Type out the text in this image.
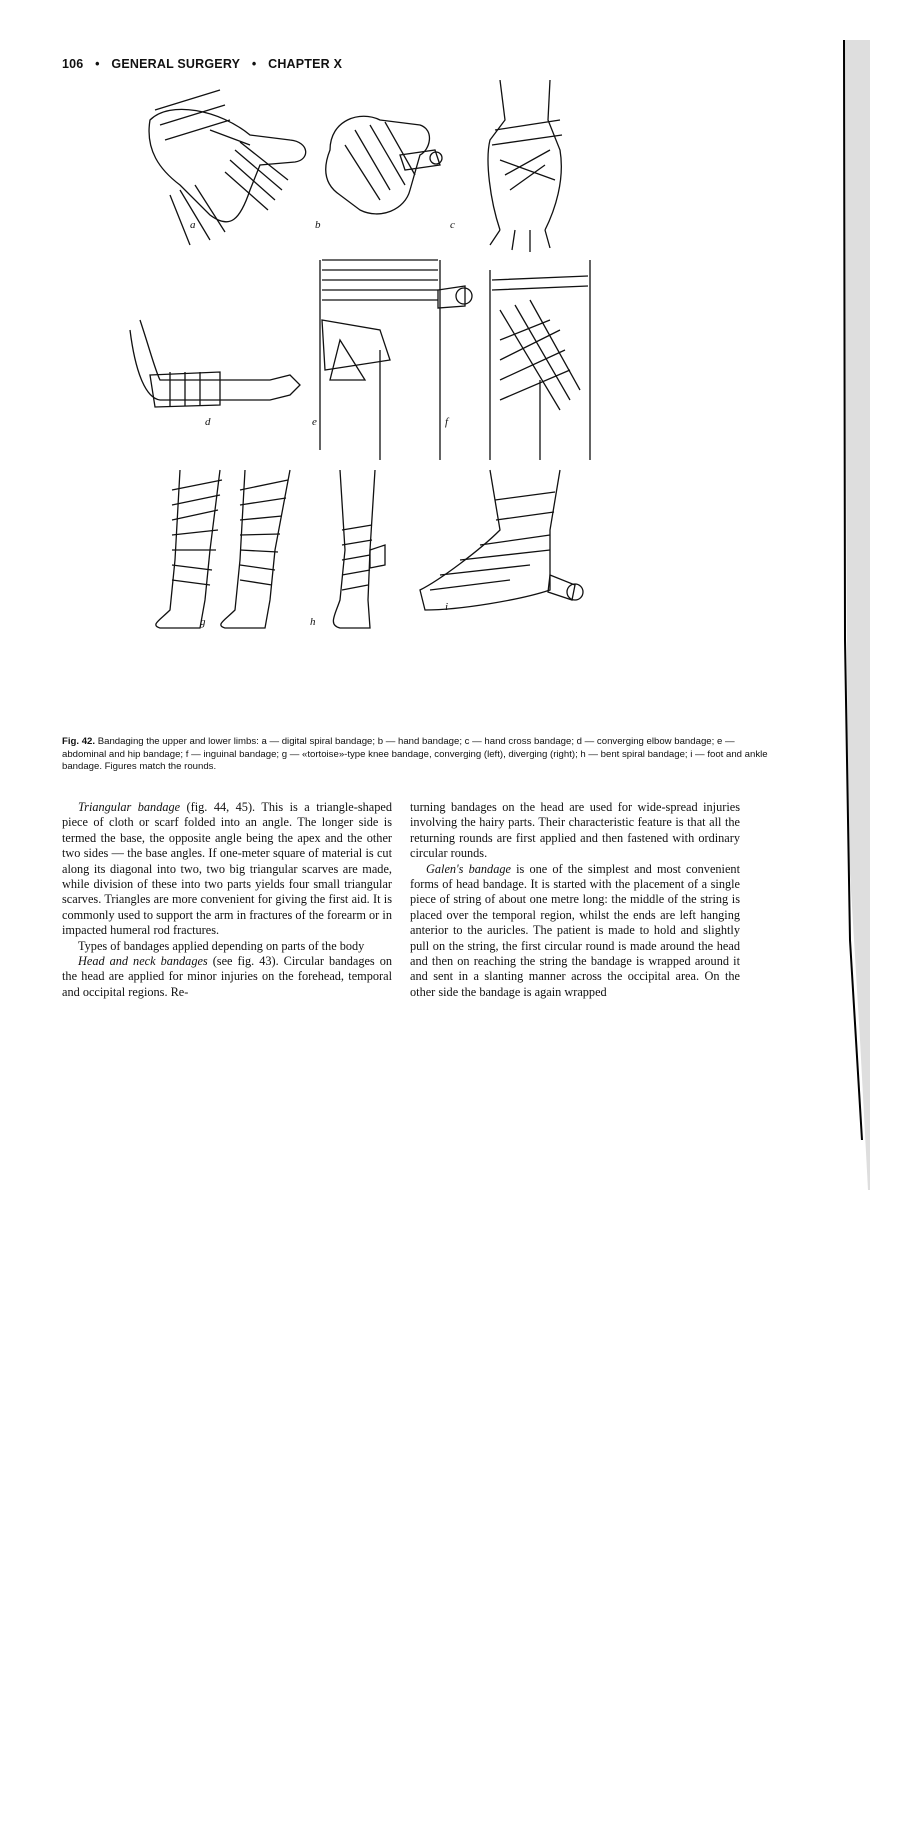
106 • GENERAL SURGERY • CHAPTER X
a	b	c
d	e	f
g	h
i
Fig. 42. Bandaging the upper and lower limbs: a — digital spiral bandage; b — hand bandage; c — hand cross bandage; d — converging elbow bandage; e — abdominal and hip bandage; f — inguinal bandage; g — «tortoise»-type knee bandage, converging (left), diverging (right); h — bent spiral bandage; i — foot and ankle bandage. Figures match the rounds.

Triangular bandage (fig. 44, 45). This is a triangle-shaped piece of cloth or scarf folded into an angle. The longer side is termed the base, the opposite angle being the apex and the other two sides — the base angles. If one-meter square of material is cut along its diagonal into two, two big triangular scarves are made, while division of these into two parts yields four small triangular scarves. Triangles are more convenient for giving the first aid. It is commonly used to support the arm in fractures of the forearm or in impacted humeral rod fractures.

Types of bandages applied depending on parts of the body

Head and neck bandages (see fig. 43). Circular bandages on the head are applied for minor injuries on the forehead, temporal and occipital regions. Re-

turning bandages on the head are used for wide-spread injuries involving the hairy parts. Their characteristic feature is that all the returning rounds are first applied and then fastened with ordinary circular rounds.

Galen's bandage is one of the simplest and most convenient forms of head bandage. It is started with the placement of a single piece of string of about one metre long: the middle of the string is placed over the temporal region, whilst the ends are left hanging anterior to the auricles. The patient is made to hold and slightly pull on the string, the first circular round is made around the head and then on reaching the string the bandage is wrapped around it and sent in a slanting manner across the occipital area. On the other side the bandage is again wrapped
